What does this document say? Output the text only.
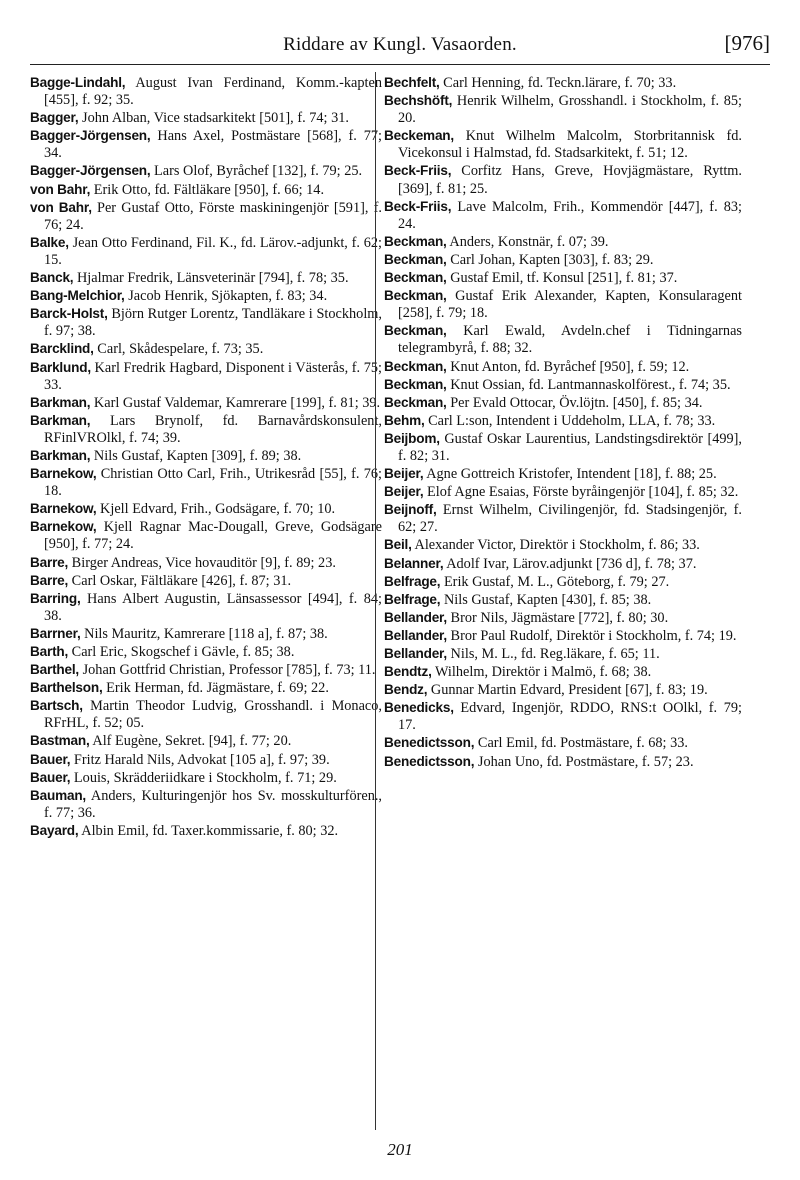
Riddare av Kungl. Vasaorden.	[976]

Bagge-Lindahl, August Ivan Ferdinand, Komm.-kapten [455], f. 92; 35.

Bagger, John Alban, Vice stadsarkitekt [501], f. 74; 31.

Bagger-Jörgensen, Hans Axel, Postmästare [568], f. 77; 34.

Bagger-Jörgensen, Lars Olof, Byråchef [132], f. 79; 25.

von Bahr, Erik Otto, fd. Fältläkare [950], f. 66; 14.

von Bahr, Per Gustaf Otto, Förste maskiningenjör [591], f. 76; 24.

Balke, Jean Otto Ferdinand, Fil. K., fd. Lärov.-adjunkt, f. 62; 15.

Banck, Hjalmar Fredrik, Länsveterinär [794], f. 78; 35.

Bang-Melchior, Jacob Henrik, Sjökapten, f. 83; 34.

Barck-Holst, Björn Rutger Lorentz, Tandläkare i Stockholm, f. 97; 38.

Barcklind, Carl, Skådespelare, f. 73; 35.

Barklund, Karl Fredrik Hagbard, Disponent i Västerås, f. 75; 33.

Barkman, Karl Gustaf Valdemar, Kamrerare [199], f. 81; 39.

Barkman, Lars Brynolf, fd. Barnavårdskonsulent, RFinlVROlkl, f. 74; 39.

Barkman, Nils Gustaf, Kapten [309], f. 89; 38.

Barnekow, Christian Otto Carl, Frih., Utrikesråd [55], f. 76; 18.

Barnekow, Kjell Edvard, Frih., Godsägare, f. 70; 10.

Barnekow, Kjell Ragnar Mac-Dougall, Greve, Godsägare [950], f. 77; 24.

Barre, Birger Andreas, Vice hovauditör [9], f. 89; 23.

Barre, Carl Oskar, Fältläkare [426], f. 87; 31.

Barring, Hans Albert Augustin, Länsassessor [494], f. 84; 38.

Barrner, Nils Mauritz, Kamrerare [118 a], f. 87; 38.

Barth, Carl Eric, Skogschef i Gävle, f. 85; 38.

Barthel, Johan Gottfrid Christian, Professor [785], f. 73; 11.

Barthelson, Erik Herman, fd. Jägmästare, f. 69; 22.

Bartsch, Martin Theodor Ludvig, Grosshandl. i Monaco, RFrHL, f. 52; 05.

Bastman, Alf Eugène, Sekret. [94], f. 77; 20.

Bauer, Fritz Harald Nils, Advokat [105 a], f. 97; 39.

Bauer, Louis, Skrädderiidkare i Stockholm, f. 71; 29.

Bauman, Anders, Kulturingenjör hos Sv. mosskulturfören., f. 77; 36.

Bayard, Albin Emil, fd. Taxer.kommissarie, f. 80; 32.

Bechfelt, Carl Henning, fd. Teckn.lärare, f. 70; 33.

Bechshöft, Henrik Wilhelm, Grosshandl. i Stockholm, f. 85; 20.

Beckeman, Knut Wilhelm Malcolm, Storbritannisk fd. Vicekonsul i Halmstad, fd. Stadsarkitekt, f. 51; 12.

Beck-Friis, Corfitz Hans, Greve, Hovjägmästare, Ryttm. [369], f. 81; 25.

Beck-Friis, Lave Malcolm, Frih., Kommendör [447], f. 83; 24.

Beckman, Anders, Konstnär, f. 07; 39.

Beckman, Carl Johan, Kapten [303], f. 83; 29.

Beckman, Gustaf Emil, tf. Konsul [251], f. 81; 37.

Beckman, Gustaf Erik Alexander, Kapten, Konsularagent [258], f. 79; 18.

Beckman, Karl Ewald, Avdeln.chef i Tidningarnas telegrambyrå, f. 88; 32.

Beckman, Knut Anton, fd. Byråchef [950], f. 59; 12.

Beckman, Knut Ossian, fd. Lantmannaskolförest., f. 74; 35.

Beckman, Per Evald Ottocar, Öv.löjtn. [450], f. 85; 34.

Behm, Carl L:son, Intendent i Uddeholm, LLA, f. 78; 33.

Beijbom, Gustaf Oskar Laurentius, Landstingsdirektör [499], f. 82; 31.

Beijer, Agne Gottreich Kristofer, Intendent [18], f. 88; 25.

Beijer, Elof Agne Esaias, Förste byråingenjör [104], f. 85; 32.

Beijnoff, Ernst Wilhelm, Civilingenjör, fd. Stadsingenjör, f. 62; 27.

Beil, Alexander Victor, Direktör i Stockholm, f. 86; 33.

Belanner, Adolf Ivar, Lärov.adjunkt [736 d], f. 78; 37.

Belfrage, Erik Gustaf, M. L., Göteborg, f. 79; 27.

Belfrage, Nils Gustaf, Kapten [430], f. 85; 38.

Bellander, Bror Nils, Jägmästare [772], f. 80; 30.

Bellander, Bror Paul Rudolf, Direktör i Stockholm, f. 74; 19.

Bellander, Nils, M. L., fd. Reg.läkare, f. 65; 11.

Bendtz, Wilhelm, Direktör i Malmö, f. 68; 38.

Bendz, Gunnar Martin Edvard, President [67], f. 83; 19.

Benedicks, Edvard, Ingenjör, RDDO, RNS:t OOlkl, f. 79; 17.

Benedictsson, Carl Emil, fd. Postmästare, f. 68; 33.

Benedictsson, Johan Uno, fd. Postmästare, f. 57; 23.

201
